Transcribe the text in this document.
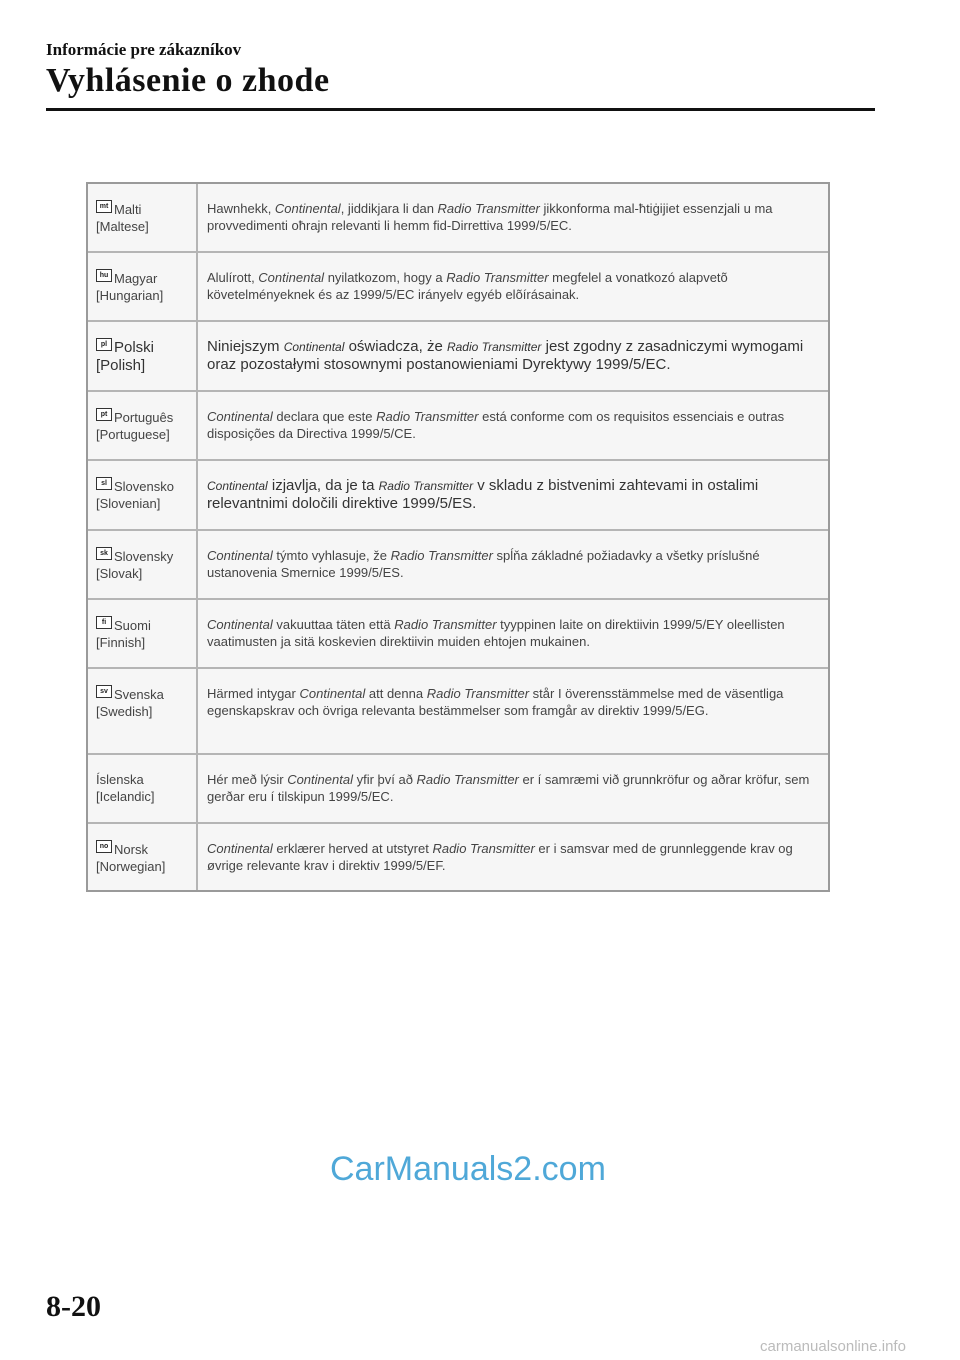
Informácie pre zákazníkov
Vyhlásenie o zhode
mt Malti
[Maltese]
Hawnhekk, Continental, jiddikjara li dan Radio Transmitter jikkonforma mal-ħtiġijiet essenzjali u ma provvedimenti oħrajn relevanti li hemm fid-Dirrettiva 1999/5/EC.
hu Magyar
[Hungarian]
Alulírott, Continental nyilatkozom, hogy a Radio Transmitter megfelel a vonatkozó alapvetõ követelményeknek és az 1999/5/EC irányelv egyéb elõírásainak.
pl Polski
[Polish]
Niniejszym Continental oświadcza, że Radio Transmitter jest zgodny z zasadniczymi wymogami oraz pozostałymi stosownymi postanowieniami Dyrektywy 1999/5/EC.
pt Português
[Portuguese]
Continental declara que este Radio Transmitter está conforme com os requisitos essenciais e outras disposições da Directiva 1999/5/CE.
sl Slovensko
[Slovenian]
Continental izjavlja, da je ta Radio Transmitter v skladu z bistvenimi zahtevami in ostalimi relevantnimi določili direktive 1999/5/ES.
sk Slovensky
[Slovak]
Continental týmto vyhlasuje, že Radio Transmitter spĺňa základné požiadavky a všetky príslušné ustanovenia Smernice 1999/5/ES.
fi Suomi
[Finnish]
Continental vakuuttaa täten että Radio Transmitter tyyppinen laite on direktiivin 1999/5/EY oleellisten vaatimusten ja sitä koskevien direktiivin muiden ehtojen mukainen.
sv Svenska
[Swedish]
Härmed intygar Continental att denna Radio Transmitter står I överensstämmelse med de väsentliga egenskapskrav och övriga relevanta bestämmelser som framgår av direktiv 1999/5/EG.
Íslenska
[Icelandic]
Hér með lýsir Continental yfir því að Radio Transmitter er í samræmi við grunnkröfur og aðrar kröfur, sem gerðar eru í tilskipun 1999/5/EC.
no Norsk
[Norwegian]
Continental erklærer herved at utstyret Radio Transmitter er i samsvar med de grunnleggende krav og øvrige relevante krav i direktiv 1999/5/EF.
CarManuals2.com
8-20
carmanualsonline.info
